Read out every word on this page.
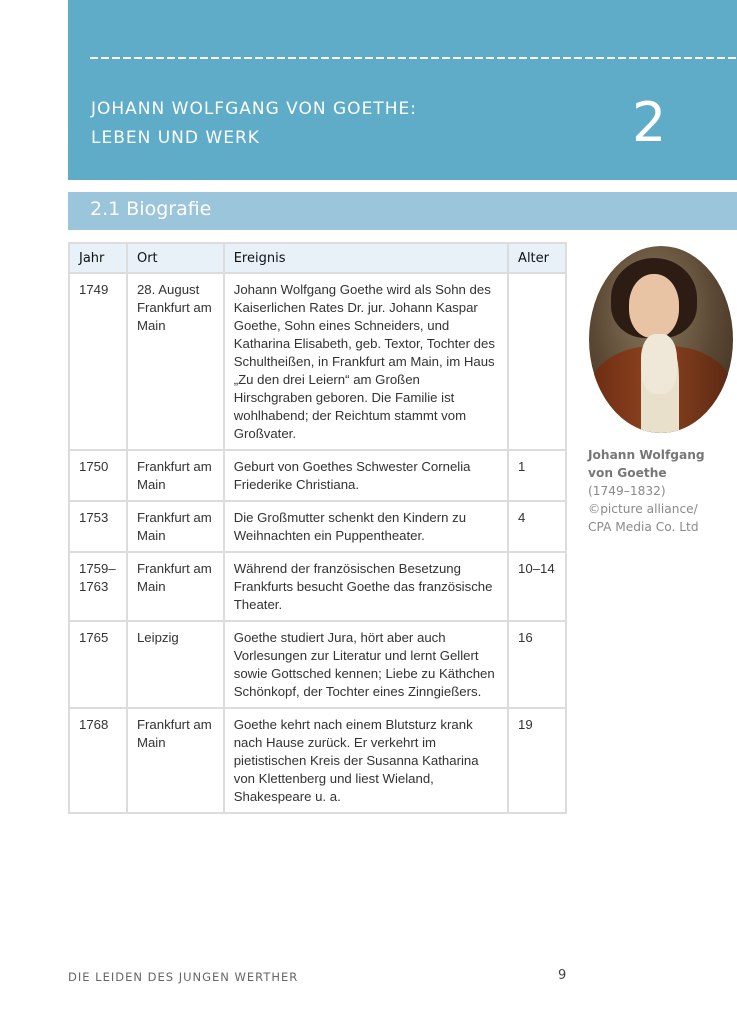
JOHANN WOLFGANG VON GOETHE:
LEBEN UND WERK	2
2.1 Biografie
Jahr	Ort	Ereignis	Alter
1749	28. August Frankfurt am Main	Johann Wolfgang Goethe wird als Sohn des Kaiserlichen Rates Dr. jur. Johann Kaspar Goethe, Sohn eines Schneiders, und Katharina Elisabeth, geb. Textor, Tochter des Schultheißen, in Frankfurt am Main, im Haus „Zu den drei Leiern“ am Großen Hirschgraben geboren. Die Familie ist wohlhabend; der Reichtum stammt vom Großvater.	
1750	Frankfurt am Main	Geburt von Goethes Schwester Cornelia Friederike Christiana.	1
1753	Frankfurt am Main	Die Großmutter schenkt den Kindern zu Weihnachten ein Puppentheater.	4
1759–1763	Frankfurt am Main	Während der französischen Besetzung Frankfurts besucht Goethe das französische Theater.	10–14
1765	Leipzig	Goethe studiert Jura, hört aber auch Vorlesungen zur Literatur und lernt Gellert sowie Gottsched kennen; Liebe zu Käthchen Schönkopf, der Tochter eines Zinngießers.	16
1768	Frankfurt am Main	Goethe kehrt nach einem Blutsturz krank nach Hause zurück. Er verkehrt im pietistischen Kreis der Susanna Katharina von Klettenberg und liest Wieland, Shakespeare u. a.	19
Johann Wolfgang
von Goethe
(1749–1832)
©picture alliance/
CPA Media Co. Ltd
DIE LEIDEN DES JUNGEN WERTHER	9
